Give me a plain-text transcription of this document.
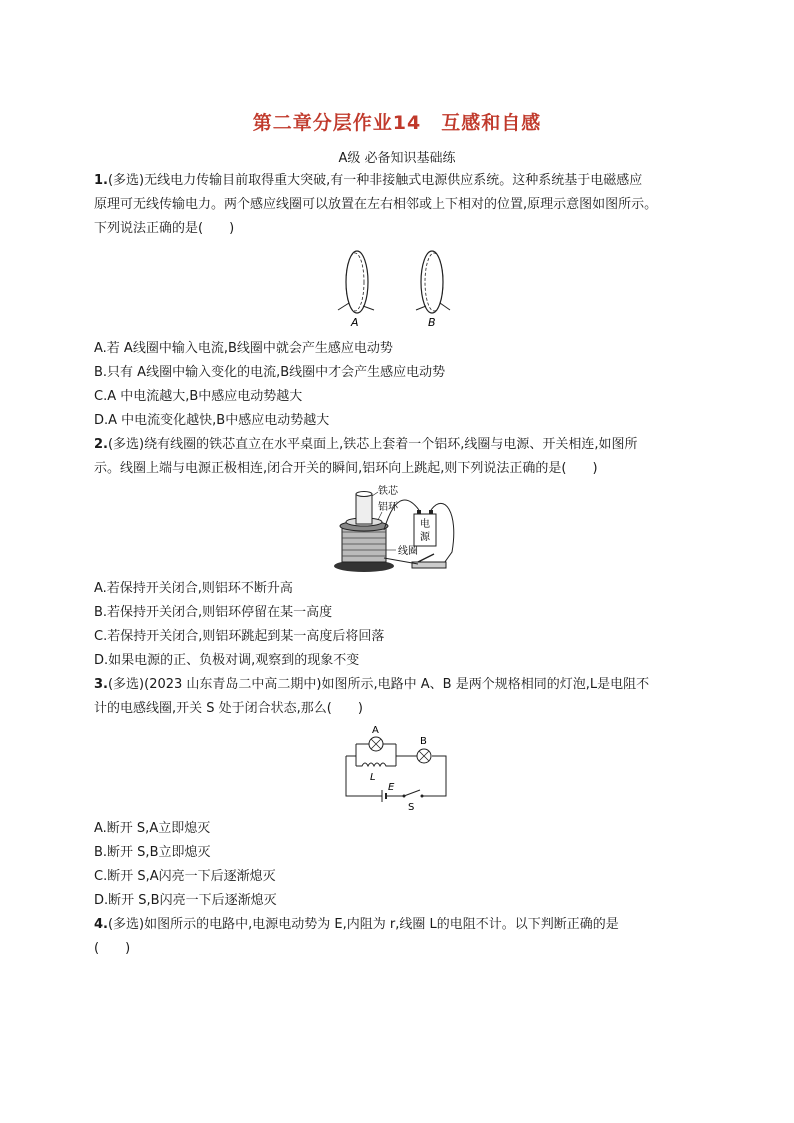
第二章分层作业14　互感和自感
A级 必备知识基础练
1.(多选)无线电力传输目前取得重大突破,有一种非接触式电源供应系统。这种系统基于电磁感应
原理可无线传输电力。两个感应线圈可以放置在左右相邻或上下相对的位置,原理示意图如图所示。
下列说法正确的是(　　)
A	B
A.若 A线圈中输入电流,B线圈中就会产生感应电动势
B.只有 A线圈中输入变化的电流,B线圈中才会产生感应电动势
C.A 中电流越大,B中感应电动势越大
D.A 中电流变化越快,B中感应电动势越大
2.(多选)绕有线圈的铁芯直立在水平桌面上,铁芯上套着一个铝环,线圈与电源、开关相连,如图所
示。线圈上端与电源正极相连,闭合开关的瞬间,铝环向上跳起,则下列说法正确的是(　　)
铁芯
铝环
线圈
电
源
A.若保持开关闭合,则铝环不断升高
B.若保持开关闭合,则铝环停留在某一高度
C.若保持开关闭合,则铝环跳起到某一高度后将回落
D.如果电源的正、负极对调,观察到的现象不变
3.(多选)(2023 山东青岛二中高二期中)如图所示,电路中 A、B 是两个规格相同的灯泡,L是电阻不
计的电感线圈,开关 S 处于闭合状态,那么(　　)
B
A
L
E
S
A.断开 S,A立即熄灭
B.断开 S,B立即熄灭
C.断开 S,A闪亮一下后逐渐熄灭
D.断开 S,B闪亮一下后逐渐熄灭
4.(多选)如图所示的电路中,电源电动势为 E,内阻为 r,线圈 L的电阻不计。以下判断正确的是
(　　)
